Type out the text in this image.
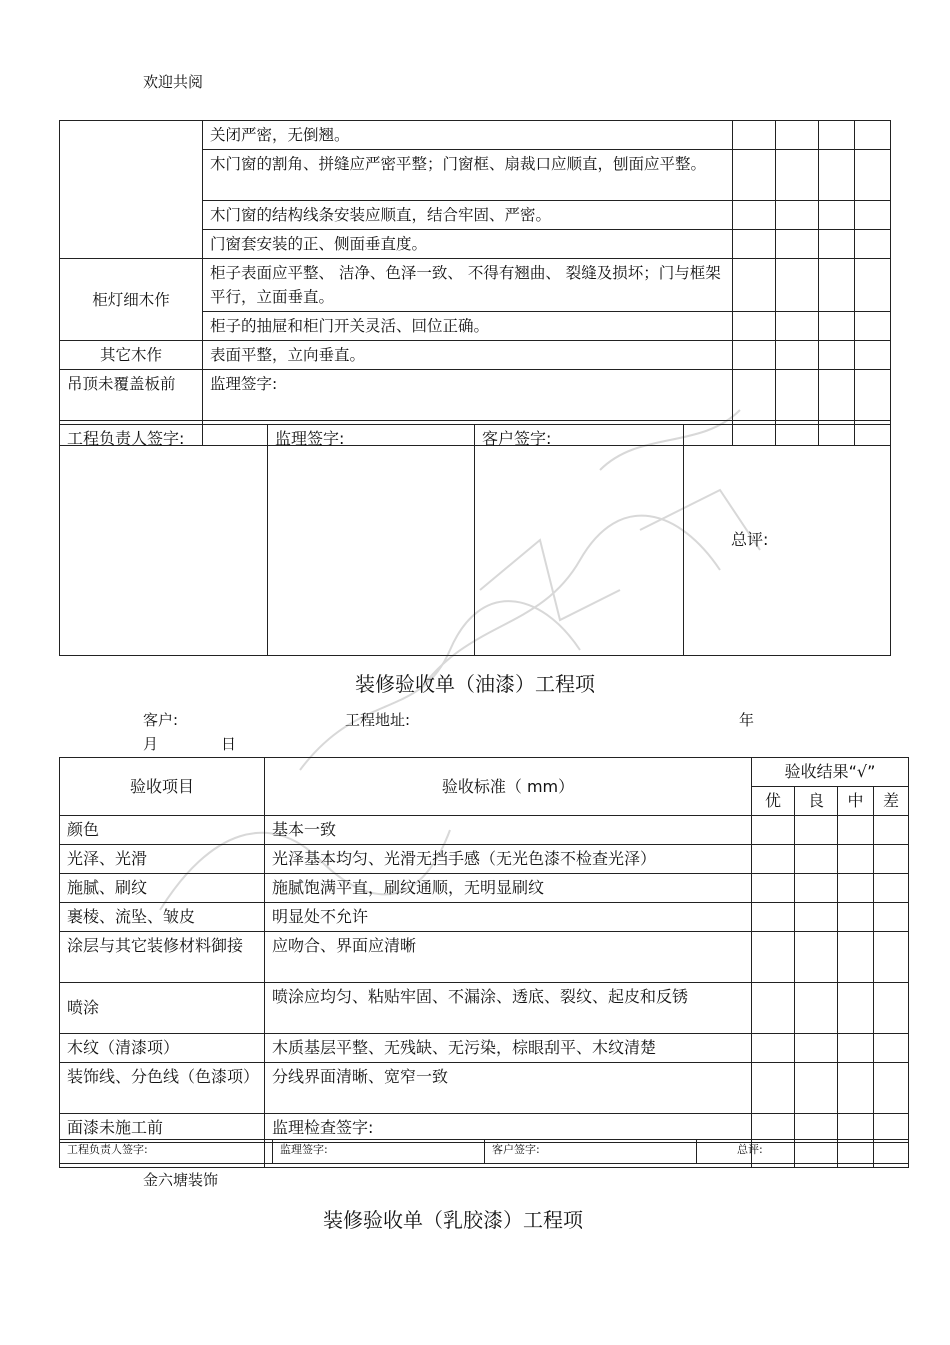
欢迎共阅
	关闭严密，无倒翘。				
	木门窗的割角、拼缝应严密平整；门窗框、扇裁口应顺直，刨面应平整。				
	木门窗的结构线条安装应顺直，结合牢固、严密。				
	门窗套安装的正、侧面垂直度。				
柜灯细木作	柜子表面应平整、 洁净、色泽一致、 不得有翘曲、 裂缝及损坏；门与框架平行，立面垂直。				
	柜子的抽屉和柜门开关灵活、回位正确。				
其它木作	表面平整，立向垂直。				
吊顶未覆盖板前	监理签字:				

工程负责人签字:	监理签字:	客户签字:	总评:
装修验收单（油漆）工程项
客户:	工程地址:	年
月	日
验收项目	验收标准（ mm）	验收结果“√”			
		优	良	中	差
颜色	基本一致				
光泽、光滑	光泽基本均匀、光滑无挡手感（无光色漆不检查光泽）				
施腻、刷纹	施腻饱满平直，刷纹通顺，无明显刷纹				
裹棱、流坠、皱皮	明显处不允许				
涂层与其它装修材料御接	应吻合、界面应清晰				
喷涂	喷涂应均匀、粘贴牢固、不漏涂、透底、裂纹、起皮和反锈				
木纹（清漆项）	木质基层平整、无残缺、无污染，棕眼刮平、木纹清楚				
装饰线、分色线（色漆项）	分线界面清晰、宽窄一致				
面漆未施工前	监理检查签字:				

工程负责人签字:	监理签字:	客户签字:	总评:
金六塘装饰
装修验收单（乳胶漆）工程项
